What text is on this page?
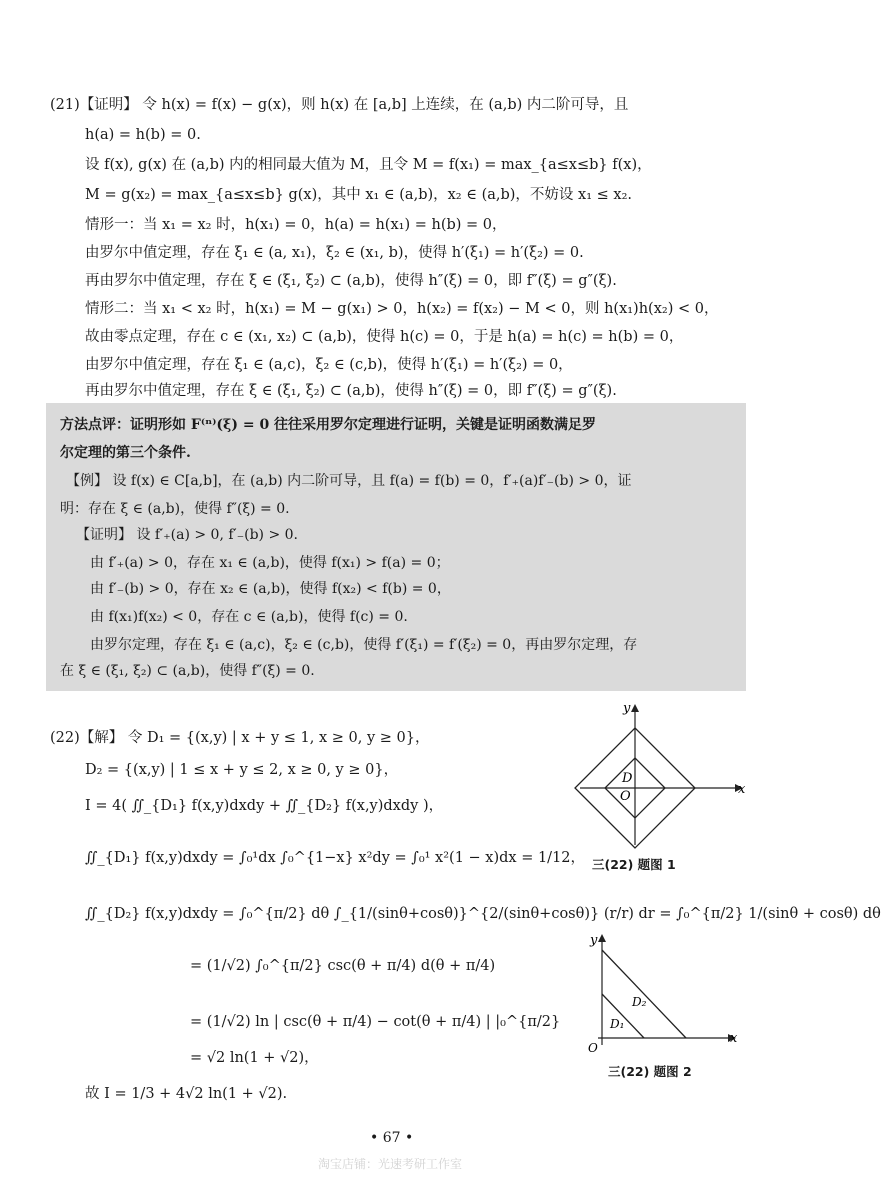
(21)【证明】 令 h(x) = f(x) − g(x)，则 h(x) 在 [a,b] 上连续，在 (a,b) 内二阶可导，且
h(a) = h(b) = 0.
设 f(x), g(x) 在 (a,b) 内的相同最大值为 M，且令 M = f(x₁) = max_{a≤x≤b} f(x)，
M = g(x₂) = max_{a≤x≤b} g(x)，其中 x₁ ∈ (a,b)，x₂ ∈ (a,b)，不妨设 x₁ ≤ x₂.
情形一：当 x₁ = x₂ 时，h(x₁) = 0，h(a) = h(x₁) = h(b) = 0，
由罗尔中值定理，存在 ξ₁ ∈ (a, x₁)，ξ₂ ∈ (x₁, b)，使得 h′(ξ₁) = h′(ξ₂) = 0.
再由罗尔中值定理，存在 ξ ∈ (ξ₁, ξ₂) ⊂ (a,b)，使得 h″(ξ) = 0，即 f″(ξ) = g″(ξ).
情形二：当 x₁ < x₂ 时，h(x₁) = M − g(x₁) > 0，h(x₂) = f(x₂) − M < 0，则 h(x₁)h(x₂) < 0，
故由零点定理，存在 c ∈ (x₁, x₂) ⊂ (a,b)，使得 h(c) = 0，于是 h(a) = h(c) = h(b) = 0，
由罗尔中值定理，存在 ξ₁ ∈ (a,c)，ξ₂ ∈ (c,b)，使得 h′(ξ₁) = h′(ξ₂) = 0，
再由罗尔中值定理，存在 ξ ∈ (ξ₁, ξ₂) ⊂ (a,b)，使得 h″(ξ) = 0，即 f″(ξ) = g″(ξ).
方法点评：证明形如 F⁽ⁿ⁾(ξ) = 0 往往采用罗尔定理进行证明，关键是证明函数满足罗
尔定理的第三个条件.
【例】 设 f(x) ∈ C[a,b]，在 (a,b) 内二阶可导，且 f(a) = f(b) = 0，f′₊(a)f′₋(b) > 0，证
明：存在 ξ ∈ (a,b)，使得 f″(ξ) = 0.
【证明】 设 f′₊(a) > 0, f′₋(b) > 0.
由 f′₊(a) > 0，存在 x₁ ∈ (a,b)，使得 f(x₁) > f(a) = 0；
由 f′₋(b) > 0，存在 x₂ ∈ (a,b)，使得 f(x₂) < f(b) = 0，
由 f(x₁)f(x₂) < 0，存在 c ∈ (a,b)，使得 f(c) = 0.
由罗尔定理，存在 ξ₁ ∈ (a,c)，ξ₂ ∈ (c,b)，使得 f′(ξ₁) = f′(ξ₂) = 0，再由罗尔定理，存
在 ξ ∈ (ξ₁, ξ₂) ⊂ (a,b)，使得 f″(ξ) = 0.
(22)【解】 令 D₁ = {(x,y) | x + y ≤ 1, x ≥ 0, y ≥ 0}，
D₂ = {(x,y) | 1 ≤ x + y ≤ 2, x ≥ 0, y ≥ 0}，
I = 4( ∬_{D₁} f(x,y)dxdy + ∬_{D₂} f(x,y)dxdy )，
∬_{D₁} f(x,y)dxdy = ∫₀¹dx ∫₀^{1−x} x²dy = ∫₀¹ x²(1 − x)dx = 1/12，
∬_{D₂} f(x,y)dxdy = ∫₀^{π/2} dθ ∫_{1/(sinθ+cosθ)}^{2/(sinθ+cosθ)} (r/r) dr = ∫₀^{π/2} 1/(sinθ + cosθ) dθ
= (1/√2) ∫₀^{π/2} csc(θ + π/4) d(θ + π/4)
= (1/√2) ln | csc(θ + π/4) − cot(θ + π/4) | |₀^{π/2}
= √2 ln(1 + √2)，
故 I = 1/3 + 4√2 ln(1 + √2).
y
x
D
O
三(22) 题图 1
y
x
D₁
D₂
O
三(22) 题图 2
• 67 •
淘宝店铺：光速考研工作室
